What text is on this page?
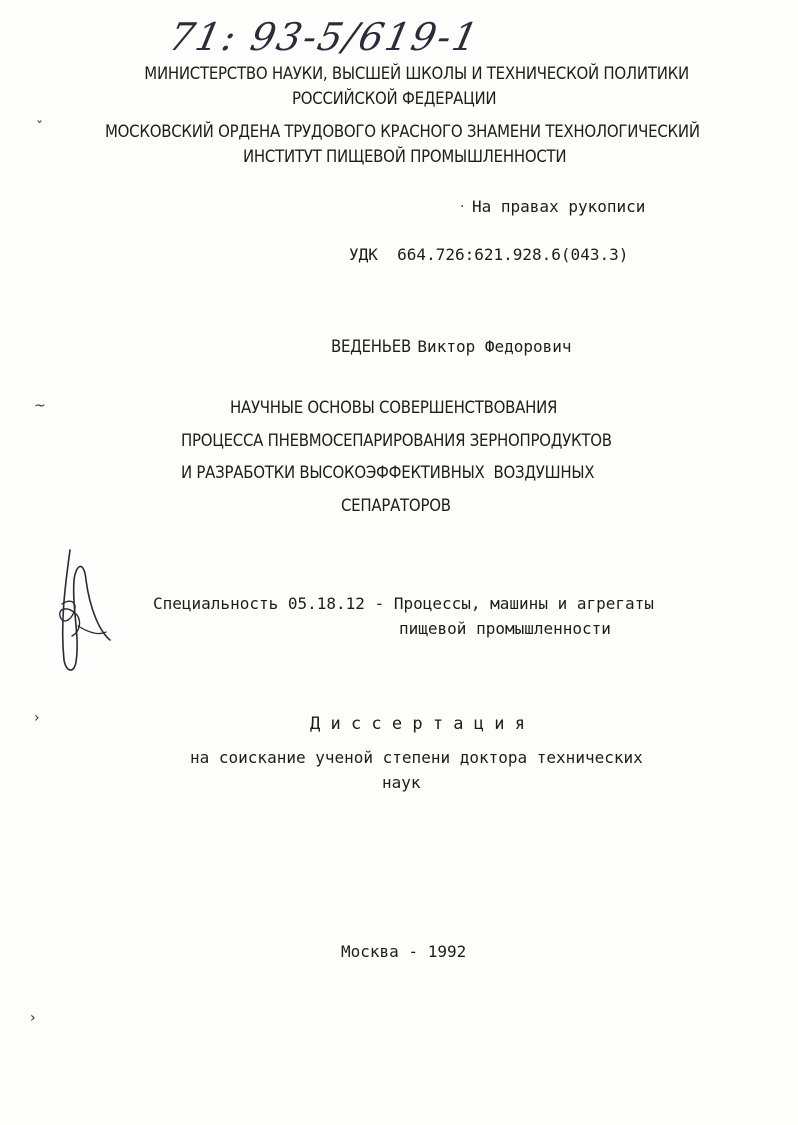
71: 93-5/619-1
МИНИСТЕРСТВО НАУКИ, ВЫСШЕЙ ШКОЛЫ И ТЕХНИЧЕСКОЙ ПОЛИТИКИ
РОССИЙСКОЙ ФЕДЕРАЦИИ
МОСКОВСКИЙ ОРДЕНА ТРУДОВОГО КРАСНОГО ЗНАМЕНИ ТЕХНОЛОГИЧЕСКИЙ
ИНСТИТУТ ПИЩЕВОЙ ПРОМЫШЛЕННОСТИ
· На правах рукописи
УДК  664.726:621.928.6(043.3)

ВЕДЕНЬЕВ Виктор Федорович

НАУЧНЫЕ ОСНОВЫ СОВЕРШЕНСТВОВАНИЯ
ПРОЦЕССА ПНЕВМОСЕПАРИРОВАНИЯ ЗЕРНОПРОДУКТОВ
И РАЗРАБОТКИ ВЫСОКОЭФФЕКТИВНЫХ  ВОЗДУШНЫХ
СЕПАРАТОРОВ
Специальность 05.18.12 - Процессы, машины и агрегаты
пищевой промышленности
Д и с с е р т а ц и я
на соискание ученой степени доктора технических
наук
Москва - 1992
ˇ
~
›
›
